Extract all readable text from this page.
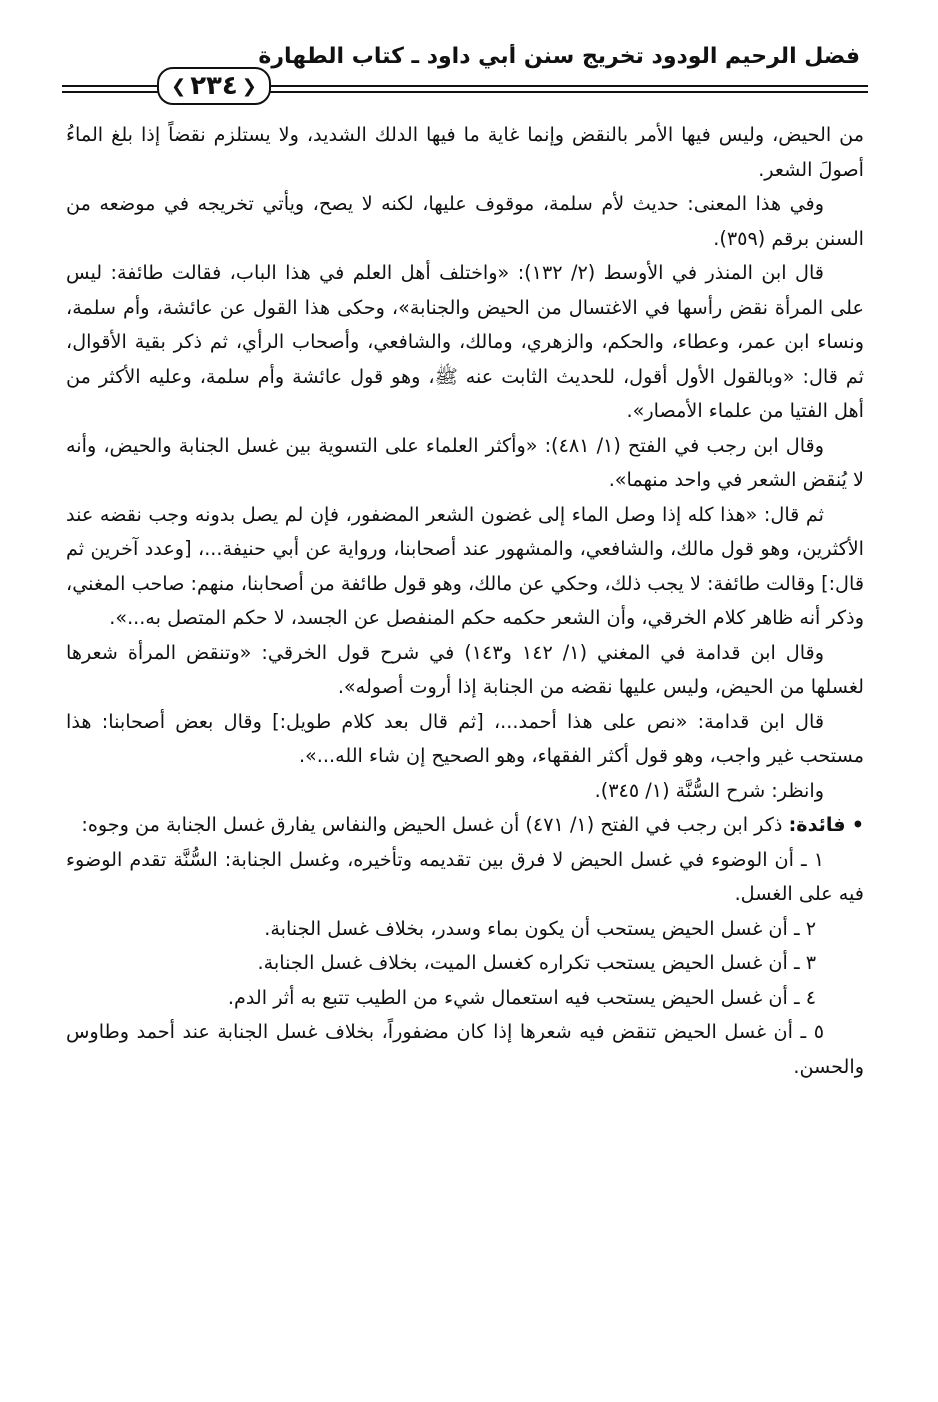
فضل الرحيم الودود تخريج سنن أبي داود ـ كتاب الطهارة
❮ ٢٣٤ ❯

من الحيض، وليس فيها الأمر بالنقض وإنما غاية ما فيها الدلك الشديد، ولا يستلزم نقضاً إذا بلغ الماءُ أصولَ الشعر.

وفي هذا المعنى: حديث لأم سلمة، موقوف عليها، لكنه لا يصح، ويأتي تخريجه في موضعه من السنن برقم (٣٥٩).

قال ابن المنذر في الأوسط (٢/ ١٣٢): «واختلف أهل العلم في هذا الباب، فقالت طائفة: ليس على المرأة نقض رأسها في الاغتسال من الحيض والجنابة»، وحكى هذا القول عن عائشة، وأم سلمة، ونساء ابن عمر، وعطاء، والحكم، والزهري، ومالك، والشافعي، وأصحاب الرأي، ثم ذكر بقية الأقوال، ثم قال: «وبالقول الأول أقول، للحديث الثابت عنه ﷺ، وهو قول عائشة وأم سلمة، وعليه الأكثر من أهل الفتيا من علماء الأمصار».

وقال ابن رجب في الفتح (١/ ٤٨١): «وأكثر العلماء على التسوية بين غسل الجنابة والحيض، وأنه لا يُنقض الشعر في واحد منهما».

ثم قال: «هذا كله إذا وصل الماء إلى غضون الشعر المضفور، فإن لم يصل بدونه وجب نقضه عند الأكثرين، وهو قول مالك، والشافعي، والمشهور عند أصحابنا، ورواية عن أبي حنيفة...، [وعدد آخرين ثم قال:] وقالت طائفة: لا يجب ذلك، وحكي عن مالك، وهو قول طائفة من أصحابنا، منهم: صاحب المغني، وذكر أنه ظاهر كلام الخرقي، وأن الشعر حكمه حكم المنفصل عن الجسد، لا حكم المتصل به...».

وقال ابن قدامة في المغني (١/ ١٤٢ و١٤٣) في شرح قول الخرقي: «وتنقض المرأة شعرها لغسلها من الحيض، وليس عليها نقضه من الجنابة إذا أروت أصوله».

قال ابن قدامة: «نص على هذا أحمد...، [ثم قال بعد كلام طويل:] وقال بعض أصحابنا: هذا مستحب غير واجب، وهو قول أكثر الفقهاء، وهو الصحيح إن شاء الله...».

وانظر: شرح السُّنَّة (١/ ٣٤٥).

• فائدة: ذكر ابن رجب في الفتح (١/ ٤٧١) أن غسل الحيض والنفاس يفارق غسل الجنابة من وجوه:

١ ـ أن الوضوء في غسل الحيض لا فرق بين تقديمه وتأخيره، وغسل الجنابة: السُّنَّة تقدم الوضوء فيه على الغسل.

٢ ـ أن غسل الحيض يستحب أن يكون بماء وسدر، بخلاف غسل الجنابة.

٣ ـ أن غسل الحيض يستحب تكراره كغسل الميت، بخلاف غسل الجنابة.

٤ ـ أن غسل الحيض يستحب فيه استعمال شيء من الطيب تتبع به أثر الدم.

٥ ـ أن غسل الحيض تنقض فيه شعرها إذا كان مضفوراً، بخلاف غسل الجنابة عند أحمد وطاوس والحسن.
